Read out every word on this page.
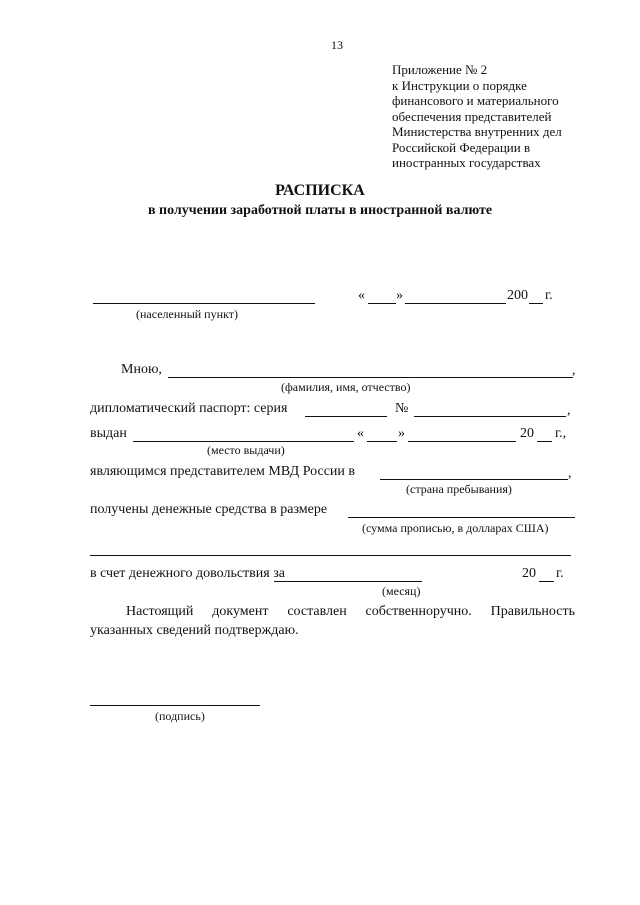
13
Приложение № 2
к Инструкции о порядке
финансового и материального
обеспечения представителей
Министерства внутренних дел
Российской Федерации в
иностранных государствах
РАСПИСКА
в получении заработной платы в иностранной валюте
(населенный пункт)
« »	200 г.
Мною,	,
(фамилия, имя, отчество)
дипломатический паспорт: серия	№	,
выдан	« »	20 г.,
(место выдачи)
являющимся представителем МВД России в	,
(страна пребывания)
получены денежные средства в размере
(сумма прописью, в долларах США)
в счет денежного довольствия за	20 г.
(месяц)
Настоящий документ составлен собственноручно. Правильность
указанных сведений подтверждаю.
(подпись)
